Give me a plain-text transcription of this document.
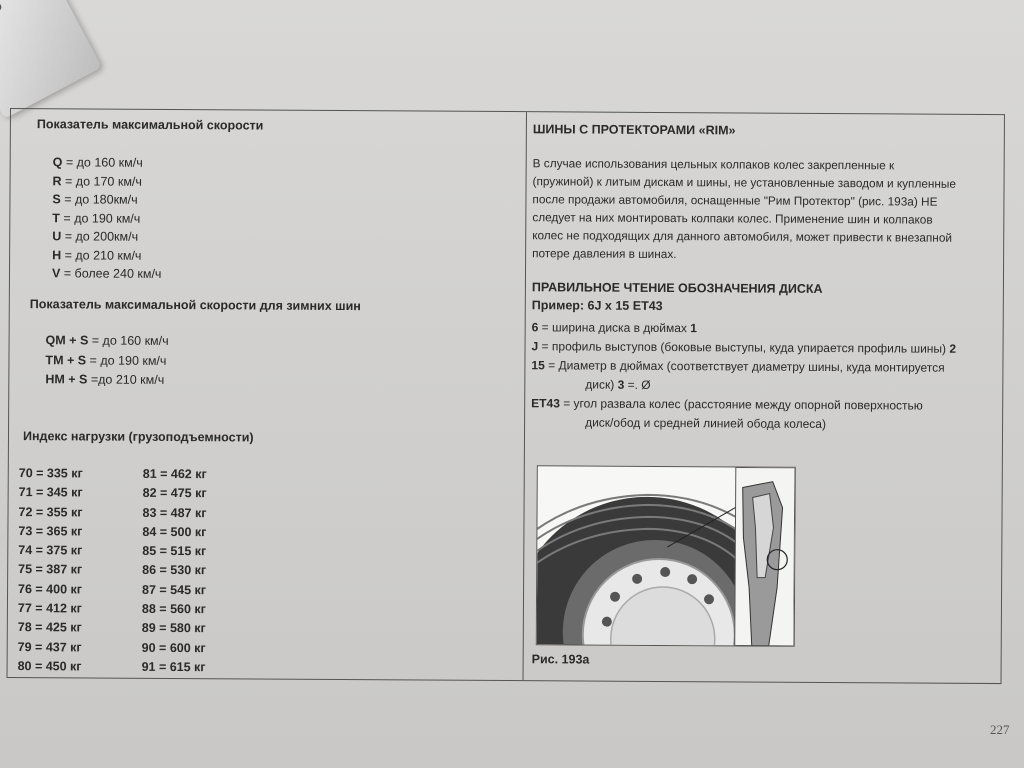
Показатель максимальной скорости
Q = до 160 км/ч
R = до 170 км/ч
S = до 180км/ч
T = до 190 км/ч
U = до 200км/ч
H = до 210 км/ч
V = более 240 км/ч
Показатель максимальной скорости для зимних шин
QM + S = до 160 км/ч
TM + S = до 190 км/ч
HM + S =до 210 км/ч
Индекс нагрузки (грузоподъемности)
70 = 335 кг	81 = 462 кг
71 = 345 кг	82 = 475 кг
72 = 355 кг	83 = 487 кг
73 = 365 кг	84 = 500 кг
74 = 375 кг	85 = 515 кг
75 = 387 кг	86 = 530 кг
76 = 400 кг	87 = 545 кг
77 = 412 кг	88 = 560 кг
78 = 425 кг	89 = 580 кг
79 = 437 кг	90 = 600 кг
80 = 450 кг	91 = 615 кг
ШИНЫ С ПРОТЕКТОРАМИ «RIM»
В случае использования цельных колпаков колес закрепленные к
(пружиной) к литым дискам и шины, не установленные заводом и купленные
после продажи автомобиля, оснащенные "Рим Протектор" (рис. 193а) НЕ
следует на них монтировать колпаки колес. Применение шин и колпаков
колес не подходящих для данного автомобиля, может привести к внезапной
потере давления в шинах.
ПРАВИЛЬНОЕ ЧТЕНИЕ ОБОЗНАЧЕНИЯ ДИСКА
Пример: 6J x 15 ET43
6 = ширина диска в дюймах 1
J = профиль выступов (боковые выступы, куда упирается профиль шины) 2
15 = Диаметр в дюймах (соответствует диаметру шины, куда монтируется
диск) 3 =. Ø
ET43 = угол развала колес (расстояние между опорной поверхностью
диск/обод и средней линией обода колеса)
Рис. 193а
227
